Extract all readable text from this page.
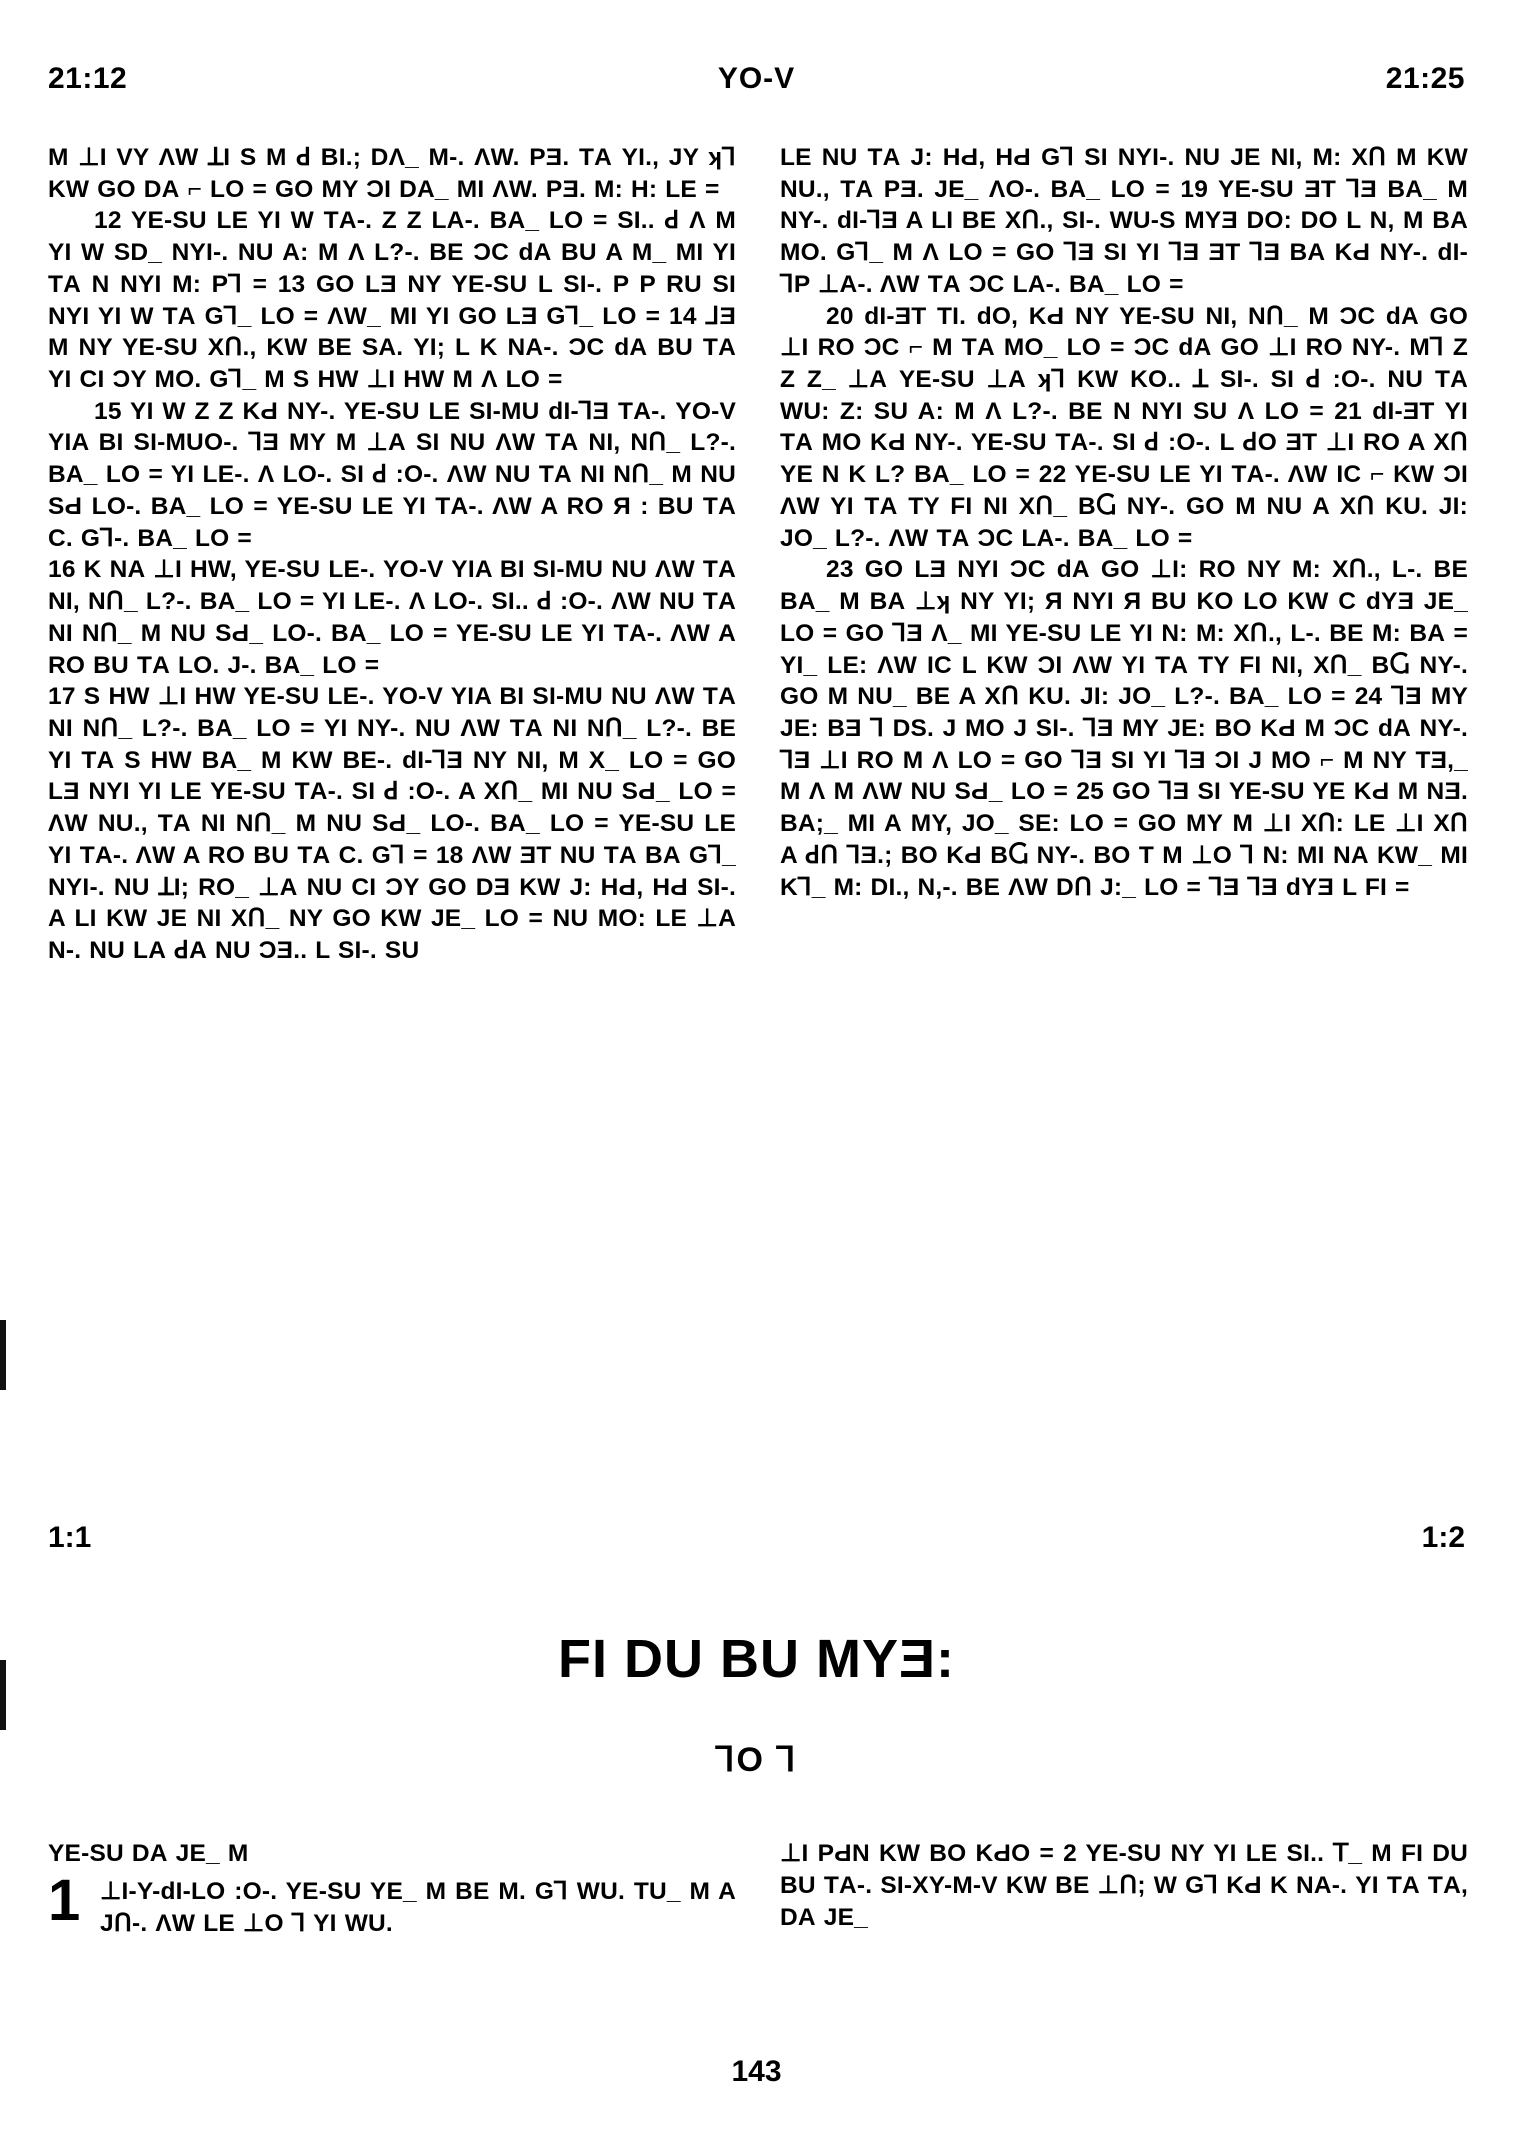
21:12	YO-V	21:25

M ⊥I VY ΛW ꓕI S M ꓒ BI.; DΛ_ M-. ΛW. PƎ. TΑ YI., JY ʞꓶ KW GO DΑ ⌐ LO = GO MY ϽI DΑ_ MI ΛW. PƎ. M: H: LE =

12 YE-SU LE YI W TΑ-. Z Z LΑ-. BΑ_ LO = SI.. ꓒ Λ M YI W SD_ NYI-. NU A: M Λ L?-. BE ϽC dΑ BU A M_ MI YI TΑ N NYI M: P⅂ = 13 GO LƎ NY YE-SU L SI-. P P RU SI NYI YI W TΑ G⅂_ LO = ΛW_ MI YI GO LƎ G⅂_ LO = 14 ⅃Ǝ M NY YE-SU XՈ., KW BE SΑ. YI; L K NΑ-. ϽC dΑ BU TΑ YI CI ϽY MO. G⅂_ M S HW ⊥I HW M Λ LO =

15 YI W Z Z KԀ NY-. YE-SU LE SI-MU dI-⅂Ǝ TΑ-. YO-V YIA BI SI-MUO-. ⅂Ǝ MY M ⊥Α SI NU ΛW TΑ NI, NՈ_ L?-. BΑ_ LO = YI LE-. Λ LO-. SI ꓒ :O-. ΛW NU TΑ NI NՈ_ M NU SԀ LO-. BΑ_ LO = YE-SU LE YI TΑ-. ΛW A RO Я : BU TΑ C. G⅂-. BΑ_ LO =

16 K NΑ ⊥I HW, YE-SU LE-. YO-V YIA BI SI-MU NU ΛW TΑ NI, NՈ_ L?-. BΑ_ LO = YI LE-. Λ LO-. SI.. ꓒ :O-. ΛW NU TΑ NI NՈ_ M NU SԀ_ LO-. BΑ_ LO = YE-SU LE YI TΑ-. ΛW A RO BU TΑ LO. J-. BΑ_ LO =

17 S HW ⊥I HW YE-SU LE-. YO-V YIA BI SI-MU NU ΛW TΑ NI NՈ_ L?-. BΑ_ LO = YI NY-. NU ΛW TΑ NI NՈ_ L?-. BE YI TΑ S HW BΑ_ M KW BE-. dI-⅂Ǝ NY NI, M X_ LO = GO LƎ NYI YI LE YE-SU TΑ-. SI ꓒ :O-. A XՈ_ MI NU SԀ_ LO = ΛW NU., TΑ NI NՈ_ M NU SԀ_ LO-. BΑ_ LO = YE-SU LE YI TΑ-. ΛW A RO BU TΑ C. G⅂ = 18 ΛW ƎT NU TΑ BΑ G⅂_ NYI-. NU ꓕI; RO_ ⊥Α NU CI ϽY GO DƎ KW J: HԀ, HԀ SI-. A LI KW JE NI XՈ_ NY GO KW JE_ LO = NU MO: LE ⊥Α N-. NU LΑ ꓒΑ NU ϽƎ.. L SI-. SU

LE NU TΑ J: HԀ, HԀ G⅂ SI NYI-. NU JE NI, M: XՈ M KW NU., TΑ PƎ. JE_ ΛO-. BΑ_ LO = 19 YE-SU ƎT ⅂Ǝ BΑ_ M NY-. dI-⅂Ǝ A LI BE XՈ., SI-. WU-S MYƎ DO: DO L N, M BΑ MO. G⅂_ M Λ LO = GO ⅂Ǝ SI YI ⅂Ǝ ƎT ⅂Ǝ BΑ KԀ NY-. dI-⅂P ⊥Α-. ΛW TΑ ϽC LΑ-. BΑ_ LO =

20 dI-ƎT TI. dO, KԀ NY YE-SU NI, NՈ_ M ϽC dΑ GO ⊥I RO ϽC ⌐ M TΑ MO_ LO = ϽC dΑ GO ⊥I RO NY-. M⅂ Z Z Z_ ⊥Α YE-SU ⊥Α ʞꓶ KW KO.. ꓕ SI-. SI ꓒ :O-. NU TΑ WU: Z: SU A: M Λ L?-. BE N NYI SU Λ LO = 21 dI-ƎT YI TΑ MO KԀ NY-. YE-SU TΑ-. SI ꓒ :O-. L ꓒO ƎT ⊥I RO A XՈ YE N K L? BΑ_ LO = 22 YE-SU LE YI TΑ-. ΛW IC ⌐ KW ϽI ΛW YI TΑ TY FI NI XՈ_ BႺ NY-. GO M NU A XՈ KU. JI: JO_ L?-. ΛW TΑ ϽC LΑ-. BΑ_ LO =

23 GO LƎ NYI ϽC dΑ GO ⊥I: RO NY M: XՈ., L-. BE BΑ_ M BΑ ⊥ʞ NY YI; Я NYI Я BU KO LO KW C dYƎ JE_ LO = GO ⅂Ǝ Λ_ MI YE-SU LE YI N: M: XՈ., L-. BE M: BΑ = YI_ LE: ΛW IC L KW ϽI ΛW YI TΑ TY FI NI, XՈ_ BႺ NY-. GO M NU_ BE A XՈ KU. JI: JO_ L?-. BΑ_ LO = 24 ⅂Ǝ MY JE: BƎ ⅂ DS. J MO J SI-. ⅂Ǝ MY JE: BO KԀ M ϽC dΑ NY-. ⅂Ǝ ⊥I RO M Λ LO = GO ⅂Ǝ SI YI ⅂Ǝ ϽI J MO ⌐ M NY TƎ,_ M Λ M ΛW NU SԀ_ LO = 25 GO ⅂Ǝ SI YE-SU YE KԀ M NƎ. BΑ;_ MI A MY, JO_ SE: LO = GO MY M ⊥I XՈ: LE ⊥I XՈ A ꓒՈ ⅂Ǝ.; BO KԀ BႺ NY-. BO T M ⊥O ⅂ N: MI NΑ KW_ MI K⅂_ M: DI., N,-. BE ΛW DՈ J:_ LO = ⅂Ǝ ⅂Ǝ dYƎ L FI =

1:1	1:2
FI DU BU MYƎ:
⅂O ⅂

YE-SU DΑ JE_ M

1 ⊥I-Y-dI-LO :O-. YE-SU YE_ M BE M. G⅂ WU. TU_ M A JՈ-. ΛW LE ⊥O ⅂ YI WU.

⊥I PԀN KW BO KԀO = 2 YE-SU NY YI LE SI.. ꓔ_ M FI DU BU TΑ-. SI-XY-M-V KW BE ⊥Ո; W G⅂ KԀ K NΑ-. YI TΑ TΑ, DΑ JE_

143
